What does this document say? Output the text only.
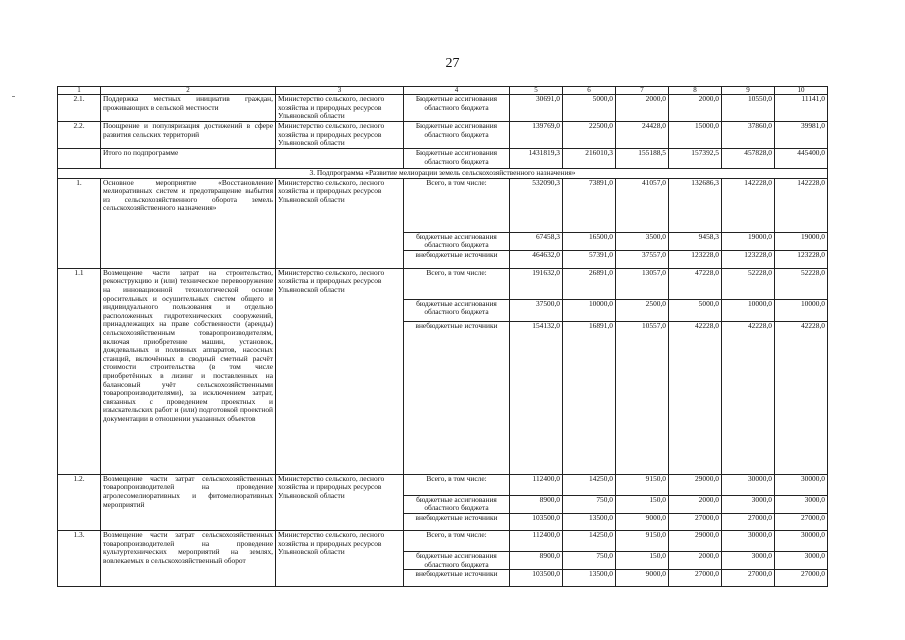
27
1	2	3	4	5	6	7	8	9	10
2.1.	Поддержка местных инициатив граждан, проживающих в сельской местности	Министерство сельского, лесного хозяйства и природных ресурсов Ульяновской области	Бюджетные ассигнования областного бюджета	30691,0	5000,0	2000,0	2000,0	10550,0	11141,0
2.2.	Поощрение и популяризация достижений в сфере развития сельских территорий	Министерство сельского, лесного хозяйства и природных ресурсов Ульяновской области	Бюджетные ассигнования областного бюджета	139769,0	22500,0	24428,0	15000,0	37860,0	39981,0
	Итого по подпрограмме		Бюджетные ассигнования областного бюджета	1431819,3	216010,3	155188,5	157392,5	457828,0	445400,0
3. Подпрограмма «Развитие мелиорации земель сельскохозяйственного назначения»									
1.	Основное мероприятие «Восстановление мелиоративных систем и предотвращение выбытия из сельскохозяйственного оборота земель сельскохозяйственного назначения»	Министерство сельского, лесного хозяйства и природных ресурсов Ульяновской области	Всего, в том числе:	532090,3	73891,0	41057,0	132686,3	142228,0	142228,0
			бюджетные ассигнования областного бюджета	67458,3	16500,0	3500,0	9458,3	19000,0	19000,0
			внебюджетные источники	464632,0	57391,0	37557,0	123228,0	123228,0	123228,0
1.1	Возмещение части затрат на строительство, реконструкцию и (или) техническое перевооружение на инновационной технологической основе оросительных и осушительных систем общего и индивидуального пользования и отдельно расположенных гидротехнических сооружений, принадлежащих на праве собственности (аренды) сельскохозяйственным товаропроизводителям, включая приобретение машин, установок, дождевальных и поливных аппаратов, насосных станций, включённых в сводный сметный расчёт стоимости строительства (в том числе приобретённых в лизинг и поставленных на балансовый учёт сельскохозяйственными товаропроизводителями), за исключением затрат, связанных с проведением проектных и изыскательских работ и (или) подготовкой проектной документации в отношении указанных объектов	Министерство сельского, лесного хозяйства и природных ресурсов Ульяновской области	Всего, в том числе:	191632,0	26891,0	13057,0	47228,0	52228,0	52228,0
			бюджетные ассигнования областного бюджета	37500,0	10000,0	2500,0	5000,0	10000,0	10000,0
			внебюджетные источники	154132,0	16891,0	10557,0	42228,0	42228,0	42228,0
1.2.	Возмещение части затрат сельскохозяйственных товаропроизводителей на проведение агролесомелиоративных и фитомелиоративных мероприятий	Министерство сельского, лесного хозяйства и природных ресурсов Ульяновской области	Всего, в том числе:	112400,0	14250,0	9150,0	29000,0	30000,0	30000,0
			бюджетные ассигнования областного бюджета	8900,0	750,0	150,0	2000,0	3000,0	3000,0
			внебюджетные источники	103500,0	13500,0	9000,0	27000,0	27000,0	27000,0
1.3.	Возмещение части затрат сельскохозяйственных товаропроизводителей на проведение культуртехнических мероприятий на землях, вовлекаемых в сельскохозяйственный оборот	Министерство сельского, лесного хозяйства и природных ресурсов Ульяновской области	Всего, в том числе:	112400,0	14250,0	9150,0	29000,0	30000,0	30000,0
			бюджетные ассигнования областного бюджета	8900,0	750,0	150,0	2000,0	3000,0	3000,0
			внебюджетные источники	103500,0	13500,0	9000,0	27000,0	27000,0	27000,0
